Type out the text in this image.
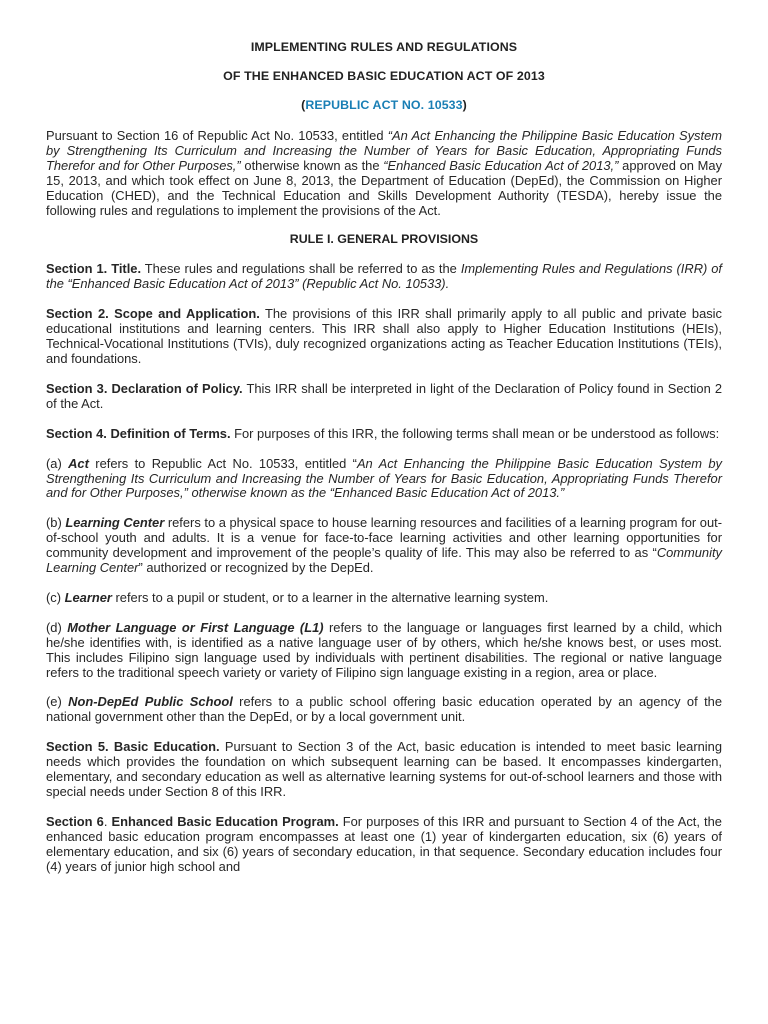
IMPLEMENTING RULES AND REGULATIONS
OF THE ENHANCED BASIC EDUCATION ACT OF 2013
(REPUBLIC ACT NO. 10533)

Pursuant to Section 16 of Republic Act No. 10533, entitled “An Act Enhancing the Philippine Basic Education System by Strengthening Its Curriculum and Increasing the Number of Years for Basic Education, Appropriating Funds Therefor and for Other Purposes,” otherwise known as the “Enhanced Basic Education Act of 2013,” approved on May 15, 2013, and which took effect on June 8, 2013, the Department of Education (DepEd), the Commission on Higher Education (CHED), and the Technical Education and Skills Development Authority (TESDA), hereby issue the following rules and regulations to implement the provisions of the Act.

RULE I. GENERAL PROVISIONS

Section 1. Title. These rules and regulations shall be referred to as the Implementing Rules and Regulations (IRR) of the “Enhanced Basic Education Act of 2013” (Republic Act No. 10533).

Section 2. Scope and Application. The provisions of this IRR shall primarily apply to all public and private basic educational institutions and learning centers. This IRR shall also apply to Higher Education Institutions (HEIs), Technical-Vocational Institutions (TVIs), duly recognized organizations acting as Teacher Education Institutions (TEIs), and foundations.

Section 3. Declaration of Policy. This IRR shall be interpreted in light of the Declaration of Policy found in Section 2 of the Act.

Section 4. Definition of Terms. For purposes of this IRR, the following terms shall mean or be understood as follows:

(a) Act refers to Republic Act No. 10533, entitled “An Act Enhancing the Philippine Basic Education System by Strengthening Its Curriculum and Increasing the Number of Years for Basic Education, Appropriating Funds Therefor and for Other Purposes,” otherwise known as the “Enhanced Basic Education Act of 2013.”

(b) Learning Center refers to a physical space to house learning resources and facilities of a learning program for out-of-school youth and adults. It is a venue for face-to-face learning activities and other learning opportunities for community development and improvement of the people’s quality of life. This may also be referred to as “Community Learning Center” authorized or recognized by the DepEd.

(c) Learner refers to a pupil or student, or to a learner in the alternative learning system.

(d) Mother Language or First Language (L1) refers to the language or languages first learned by a child, which he/she identifies with, is identified as a native language user of by others, which he/she knows best, or uses most. This includes Filipino sign language used by individuals with pertinent disabilities. The regional or native language refers to the traditional speech variety or variety of Filipino sign language existing in a region, area or place.

(e) Non-DepEd Public School refers to a public school offering basic education operated by an agency of the national government other than the DepEd, or by a local government unit.

Section 5. Basic Education. Pursuant to Section 3 of the Act, basic education is intended to meet basic learning needs which provides the foundation on which subsequent learning can be based. It encompasses kindergarten, elementary, and secondary education as well as alternative learning systems for out-of-school learners and those with special needs under Section 8 of this IRR.

Section 6. Enhanced Basic Education Program. For purposes of this IRR and pursuant to Section 4 of the Act, the enhanced basic education program encompasses at least one (1) year of kindergarten education, six (6) years of elementary education, and six (6) years of secondary education, in that sequence. Secondary education includes four (4) years of junior high school and
